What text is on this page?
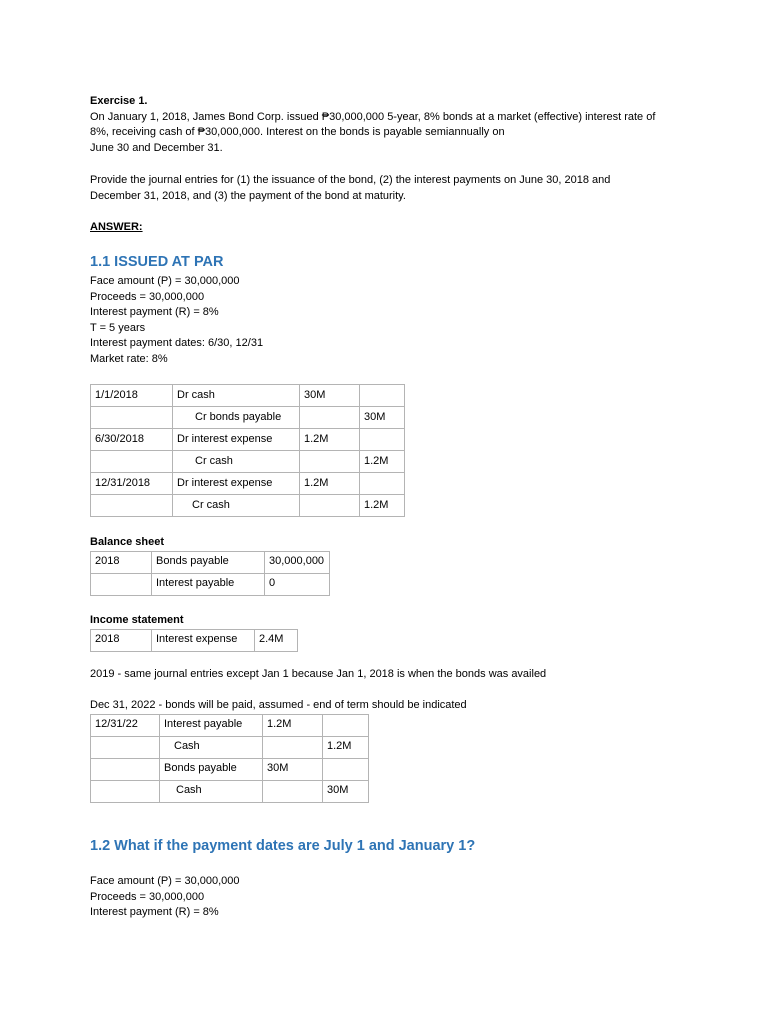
Exercise 1.

On January 1, 2018, James Bond Corp. issued ₱30,000,000 5-year, 8% bonds at a market (effective) interest rate of

8%, receiving cash of ₱30,000,000. Interest on the bonds is payable semiannually on

June 30 and December 31.

Provide the journal entries for (1) the issuance of the bond, (2) the interest payments on June 30, 2018 and

December 31, 2018, and (3) the payment of the bond at maturity.

ANSWER:

1.1 ISSUED AT PAR

Face amount (P) = 30,000,000

Proceeds = 30,000,000

Interest payment (R) = 8%

T = 5 years

Interest payment dates: 6/30, 12/31

Market rate: 8%

1/1/2018	Dr cash	30M	
	Cr bonds payable		30M
6/30/2018	Dr interest expense	1.2M	
	Cr cash		1.2M
12/31/2018	Dr interest expense	1.2M	
	Cr cash		1.2M

Balance sheet

2018	Bonds payable	30,000,000
	Interest payable	0

Income statement

2018	Interest expense	2.4M

2019 - same journal entries except Jan 1 because Jan 1, 2018 is when the bonds was availed

Dec 31, 2022 - bonds will be paid, assumed - end of term should be indicated

12/31/22	Interest payable	1.2M	
	Cash		1.2M
	Bonds payable	30M	
	Cash		30M

1.2 What if the payment dates are July 1 and January 1?

Face amount (P) = 30,000,000

Proceeds = 30,000,000

Interest payment (R) = 8%
